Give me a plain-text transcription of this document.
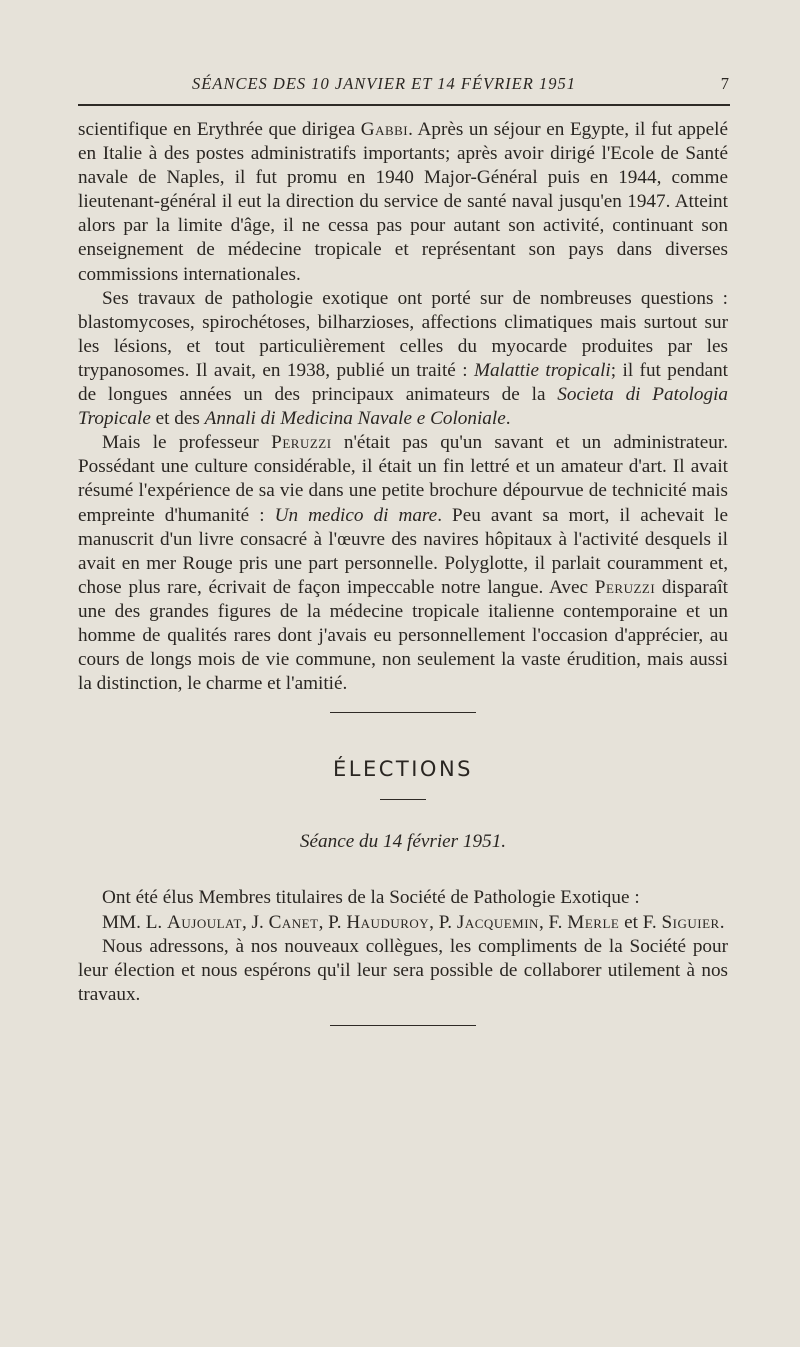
SÉANCES DES 10 JANVIER ET 14 FÉVRIER 1951	7

scientifique en Erythrée que dirigea Gabbi. Après un séjour en Egypte, il fut appelé en Italie à des postes administratifs importants; après avoir dirigé l'Ecole de Santé navale de Naples, il fut promu en 1940 Major-Général puis en 1944, comme lieutenant-général il eut la direction du service de santé naval jusqu'en 1947. Atteint alors par la limite d'âge, il ne cessa pas pour autant son activité, continuant son enseignement de médecine tropicale et représentant son pays dans diverses commissions internationales.

Ses travaux de pathologie exotique ont porté sur de nombreuses questions : blastomycoses, spirochétoses, bilharzioses, affections climatiques mais surtout sur les lésions, et tout particulièrement celles du myocarde produites par les trypanosomes. Il avait, en 1938, publié un traité : Malattie tropicali; il fut pendant de longues années un des principaux animateurs de la Societa di Patologia Tropicale et des Annali di Medicina Navale e Coloniale.

Mais le professeur Peruzzi n'était pas qu'un savant et un administrateur. Possédant une culture considérable, il était un fin lettré et un amateur d'art. Il avait résumé l'expérience de sa vie dans une petite brochure dépourvue de technicité mais empreinte d'humanité : Un medico di mare. Peu avant sa mort, il achevait le manuscrit d'un livre consacré à l'œuvre des navires hôpitaux à l'activité desquels il avait en mer Rouge pris une part personnelle. Polyglotte, il parlait couramment et, chose plus rare, écrivait de façon impeccable notre langue. Avec Peruzzi disparaît une des grandes figures de la médecine tropicale italienne contemporaine et un homme de qualités rares dont j'avais eu personnellement l'occasion d'apprécier, au cours de longs mois de vie commune, non seulement la vaste érudition, mais aussi la distinction, le charme et l'amitié.

ÉLECTIONS
Séance du 14 février 1951.

Ont été élus Membres titulaires de la Société de Pathologie Exotique :

MM. L. Aujoulat, J. Canet, P. Hauduroy, P. Jacquemin, F. Merle et F. Siguier.

Nous adressons, à nos nouveaux collègues, les compliments de la Société pour leur élection et nous espérons qu'il leur sera possible de collaborer utilement à nos travaux.
